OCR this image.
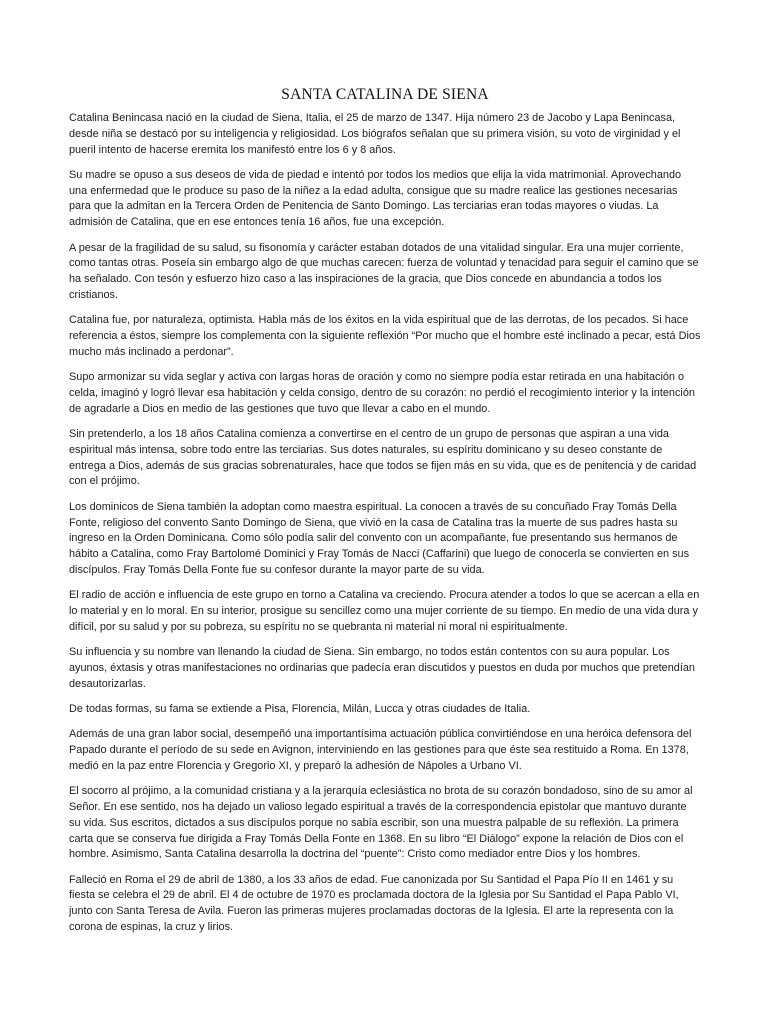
SANTA CATALINA DE SIENA

Catalina Benincasa nació en la ciudad de Siena, Italia, el 25 de marzo de 1347. Hija número 23 de Jacobo y Lapa Benincasa, desde niña se destacó por su inteligencia y religiosidad. Los biógrafos señalan que su primera visión, su voto de virginidad y el pueril intento de hacerse eremita los manifestó entre los 6 y 8 años.

Su madre se opuso a sus deseos de vida de piedad e intentó por todos los medios que elija la vida matrimonial. Aprovechando una enfermedad que le produce su paso de la niñez a la edad adulta, consigue que su madre realice las gestiones necesarias para que la admitan en la Tercera Orden de Penitencia de Santo Domingo. Las terciarias eran todas mayores o viudas. La admisión de Catalina, que en ese entonces tenía 16 años, fue una excepción.

A pesar de la fragilidad de su salud, su fisonomía y carácter estaban dotados de una vitalidad singular. Era una mujer corriente, como tantas otras. Poseía sin embargo algo de que muchas carecen: fuerza de voluntad y tenacidad para seguir el camino que se ha señalado. Con tesón y esfuerzo hizo caso a las inspiraciones de la gracia, que Dios concede en abundancia a todos los cristianos.

Catalina fue, por naturaleza, optimista. Habla más de los éxitos en la vida espiritual que de las derrotas, de los pecados. Si hace referencia a éstos, siempre los complementa con la siguiente reflexión “Por mucho que el hombre esté inclinado a pecar, está Dios mucho más inclinado a perdonar”.

Supo armonizar su vida seglar y activa con largas horas de oración y como no siempre podía estar retirada en una habitación o celda, imaginó y logró llevar esa habitación y celda consigo, dentro de su corazón: no perdió el recogimiento interior y la intención de agradarle a Dios en medio de las gestiones que tuvo que llevar a cabo en el mundo.

Sin pretenderlo, a los 18 años Catalina comienza a convertirse en el centro de un grupo de personas que aspiran a una vida espiritual más intensa, sobre todo entre las terciarias. Sus dotes naturales, su espíritu dominicano y su deseo constante de entrega a Dios, además de sus gracias sobrenaturales, hace que todos se fijen más en su vida, que es de penitencia y de caridad con el prójimo.

Los dominicos de Siena también la adoptan como maestra espiritual. La conocen a través de su concuñado Fray Tomás Della Fonte, religioso del convento Santo Domingo de Siena, que vivió en la casa de Catalina tras la muerte de sus padres hasta su ingreso en la Orden Dominicana. Como sólo podía salir del convento con un acompañante, fue presentando sus hermanos de hábito a Catalina, como Fray Bartolomé Dominici y Fray Tomás de Nacci (Caffarini) que luego de conocerla se convierten en sus discípulos. Fray Tomás Della Fonte fue su confesor durante la mayor parte de su vida.

El radio de acción e influencia de este grupo en torno a Catalina va creciendo. Procura atender a todos lo que se acercan a ella en lo material y en lo moral. En su interior, prosigue su sencillez como una mujer corriente de su tiempo. En medio de una vida dura y difícil, por su salud y por su pobreza, su espíritu no se quebranta ni material ni moral ni espiritualmente.

Su influencia y su nombre van llenando la ciudad de Siena. Sin embargo, no todos están contentos con su aura popular. Los ayunos, éxtasis y otras manifestaciones no ordinarias que padecía eran discutidos y puestos en duda por muchos que pretendían desautorizarlas.

De todas formas, su fama se extiende a Pisa, Florencia, Milán, Lucca y otras ciudades de Italia.

Además de una gran labor social, desempeñó una importantísima actuación pública convirtiéndose en una heróica defensora del Papado durante el período de su sede en Avignon, interviniendo en las gestiones para que éste sea restituido a Roma. En 1378, medió en la paz entre Florencia y Gregorio XI, y preparó la adhesión de Nápoles a Urbano VI.

El socorro al prójimo, a la comunidad cristiana y a la jerarquía eclesiástica no brota de su corazón bondadoso, sino de su amor al Señor. En ese sentido, nos ha dejado un valioso legado espiritual a través de la correspondencia epistolar que mantuvo durante su vida. Sus escritos, dictados a sus discípulos porque no sabía escribir, son una muestra palpable de su reflexión. La primera carta que se conserva fue dirigida a Fray Tomás Della Fonte en 1368. En su libro “El Diálogo” expone la relación de Dios con el hombre. Asimismo, Santa Catalina desarrolla la doctrina del “puente”: Cristo como mediador entre Dios y los hombres.

Falleció en Roma el 29 de abril de 1380, a los 33 años de edad. Fue canonizada por Su Santidad el Papa Pío II en 1461 y su fiesta se celebra el 29 de abril. El 4 de octubre de 1970 es proclamada doctora de la Iglesia por Su Santidad el Papa Pablo VI, junto con Santa Teresa de Avila. Fueron las primeras mujeres proclamadas doctoras de la Iglesia. El arte la representa con la corona de espinas, la cruz y lirios.
